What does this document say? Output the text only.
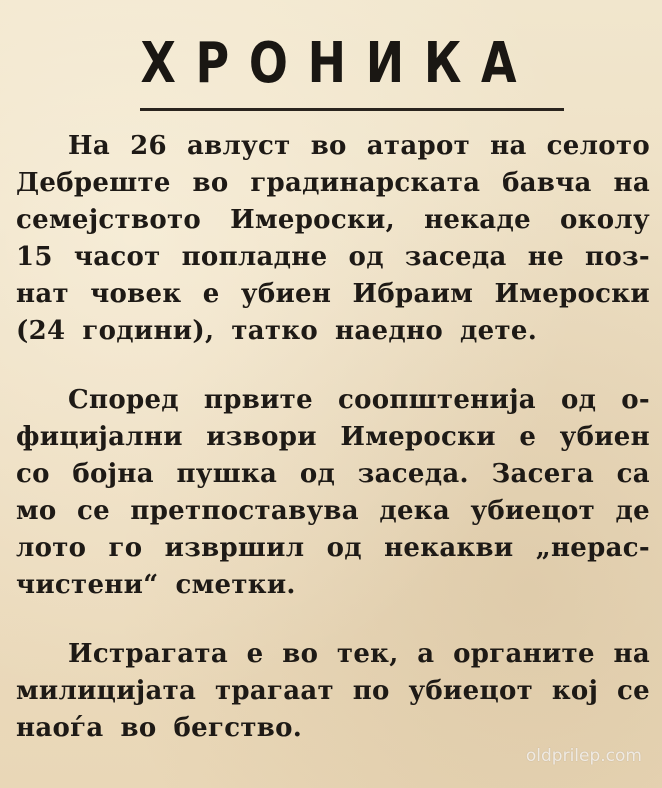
ХРОНИКА
На 26 авлуст во атарот на селото
Дебреште во градинарската бавча на
семејството Имероски, некаде околу
15 часот попладне од заседа не поз-
нат човек е убиен Ибраим Имероски
(24 години), татко наедно дете.
Според првите соопштенија од о-
фицијални извори Имероски е убиен
со бојна пушка од заседа. Засега са
мо се претпоставува дека убиецот де
лото го извршил од некакви „нерас-
чистени“ сметки.
Истрагата е во тек, а органите на
милицијата трагаат по убиецот кој се
наоѓа во бегство.
oldprilep.com
